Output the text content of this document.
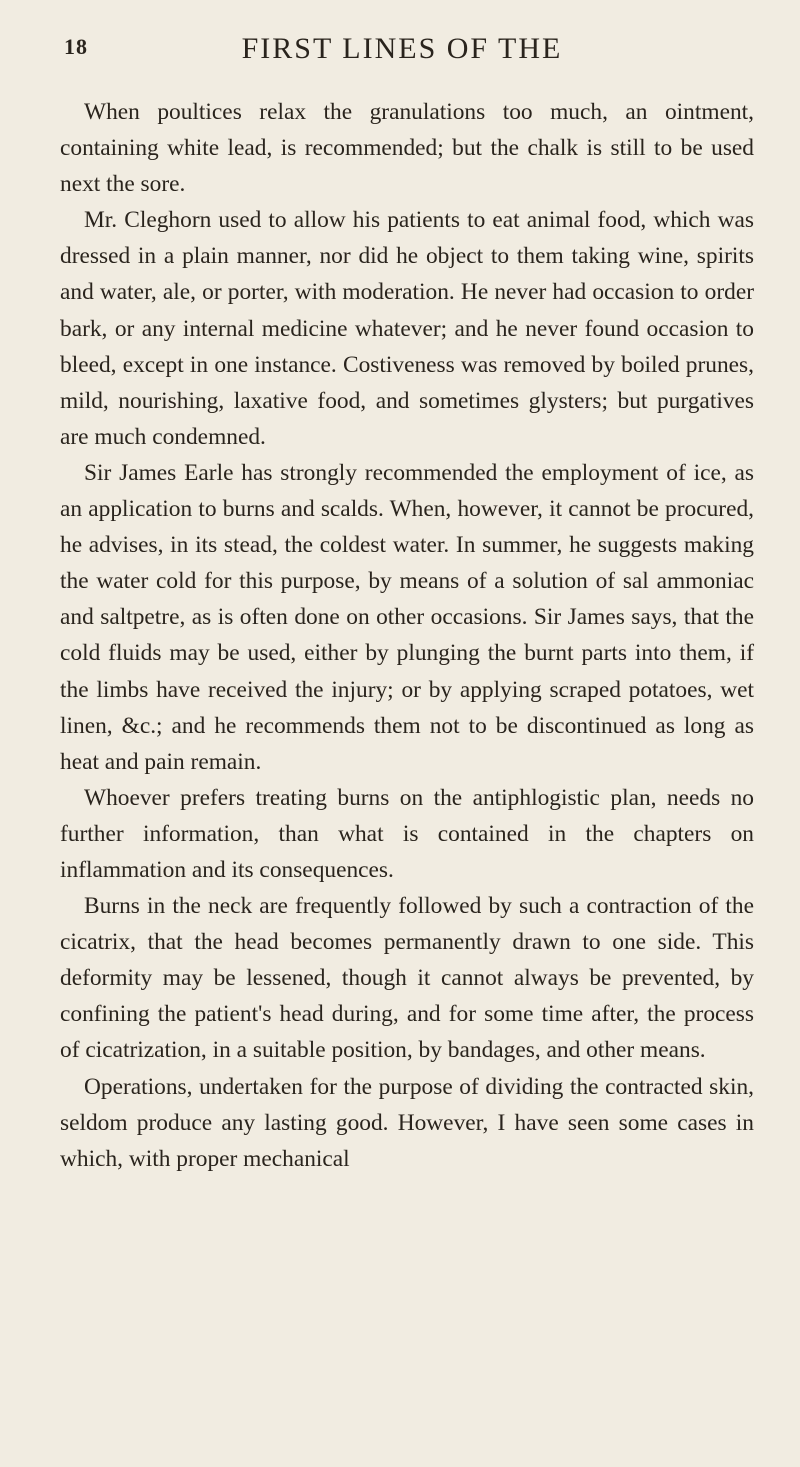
18	FIRST LINES OF THE

When poultices relax the granulations too much, an ointment, containing white lead, is recommended; but the chalk is still to be used next the sore.

Mr. Cleghorn used to allow his patients to eat animal food, which was dressed in a plain manner, nor did he object to them taking wine, spirits and water, ale, or porter, with moderation. He never had occasion to order bark, or any internal medicine whatever; and he never found occasion to bleed, except in one instance. Costiveness was removed by boiled prunes, mild, nourishing, laxative food, and sometimes glysters; but purgatives are much condemned.

Sir James Earle has strongly recommended the employment of ice, as an application to burns and scalds. When, however, it cannot be procured, he advises, in its stead, the coldest water. In summer, he suggests making the water cold for this purpose, by means of a solution of sal ammoniac and saltpetre, as is often done on other occasions. Sir James says, that the cold fluids may be used, either by plunging the burnt parts into them, if the limbs have received the injury; or by applying scraped potatoes, wet linen, &c.; and he recommends them not to be discontinued as long as heat and pain remain.

Whoever prefers treating burns on the antiphlogistic plan, needs no further information, than what is contained in the chapters on inflammation and its consequences.

Burns in the neck are frequently followed by such a contraction of the cicatrix, that the head becomes permanently drawn to one side. This deformity may be lessened, though it cannot always be prevented, by confining the patient's head during, and for some time after, the process of cicatrization, in a suitable position, by bandages, and other means.

Operations, undertaken for the purpose of dividing the contracted skin, seldom produce any lasting good. However, I have seen some cases in which, with proper mechanical
